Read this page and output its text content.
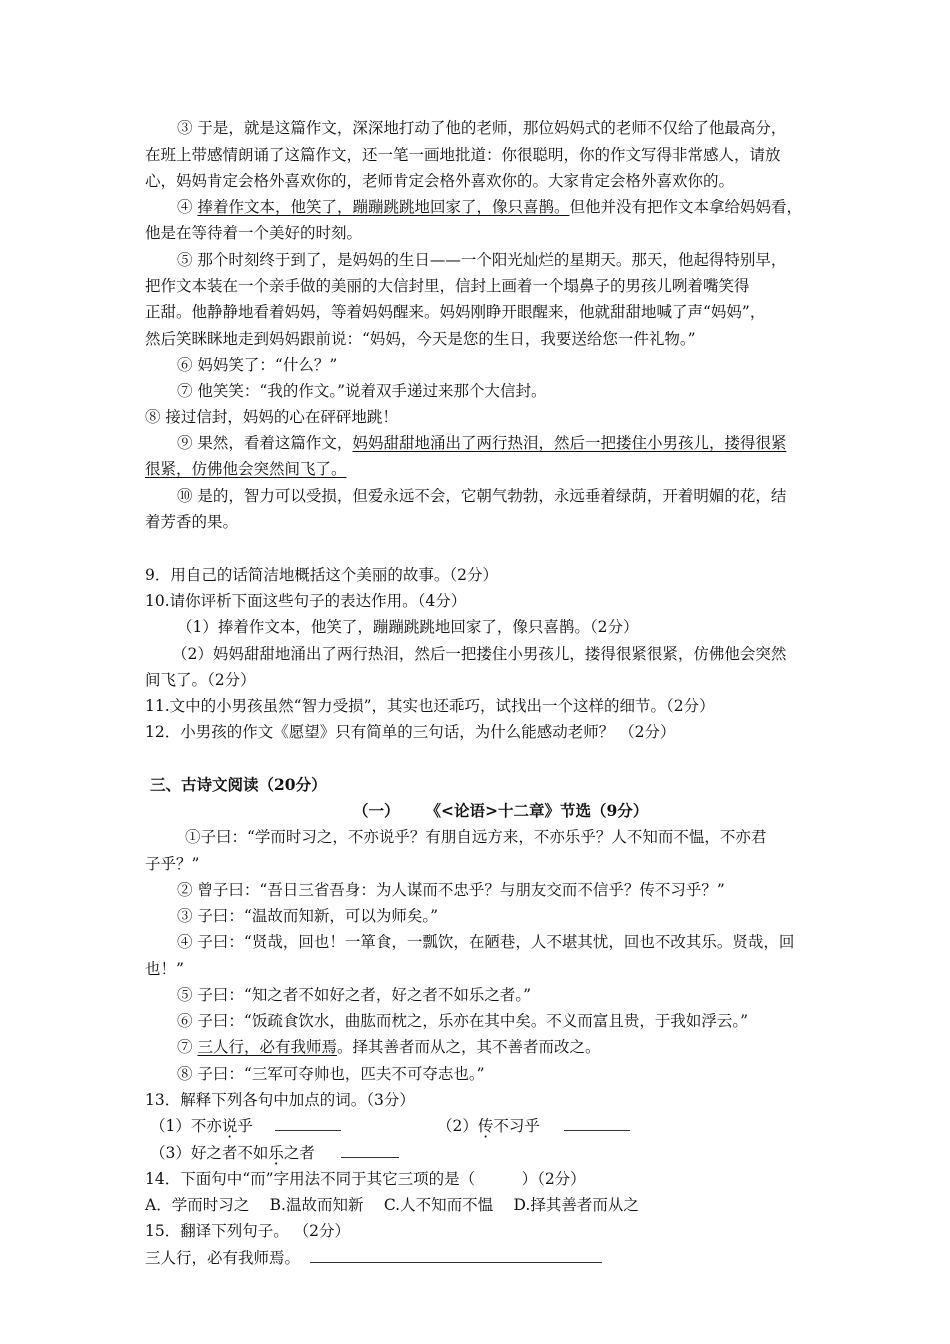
③ 于是，就是这篇作文，深深地打动了他的老师，那位妈妈式的老师不仅给了他最高分，
在班上带感情朗诵了这篇作文，还一笔一画地批道：你很聪明，你的作文写得非常感人，请放
心，妈妈肯定会格外喜欢你的，老师肯定会格外喜欢你的。大家肯定会格外喜欢你的。
④ 捧着作文本，他笑了，蹦蹦跳跳地回家了，像只喜鹊。但他并没有把作文本拿给妈妈看，
他是在等待着一个美好的时刻。
⑤ 那个时刻终于到了，是妈妈的生日——一个阳光灿烂的星期天。那天，他起得特别早，
把作文本装在一个亲手做的美丽的大信封里，信封上画着一个塌鼻子的男孩儿咧着嘴笑得
正甜。他静静地看着妈妈，等着妈妈醒来。妈妈刚睁开眼醒来，他就甜甜地喊了声“妈妈”，
然后笑眯眯地走到妈妈跟前说：“妈妈，今天是您的生日，我要送给您一件礼物。”
⑥ 妈妈笑了：“什么？”
⑦ 他笑笑：“我的作文。”说着双手递过来那个大信封。
⑧ 接过信封，妈妈的心在砰砰地跳！
⑨ 果然，看着这篇作文，妈妈甜甜地涌出了两行热泪，然后一把搂住小男孩儿，搂得很紧
很紧，仿佛他会突然间飞了。
⑩ 是的，智力可以受损，但爱永远不会，它朝气勃勃，永远垂着绿荫，开着明媚的花，结
着芳香的果。
9．用自己的话简洁地概括这个美丽的故事。（2分）
10.请你评析下面这些句子的表达作用。（4分）
（1）捧着作文本，他笑了，蹦蹦跳跳地回家了，像只喜鹊。（2分）
（2）妈妈甜甜地涌出了两行热泪，然后一把搂住小男孩儿，搂得很紧很紧，仿佛他会突然
间飞了。（2分）
11.文中的小男孩虽然“智力受损”，其实也还乖巧，试找出一个这样的细节。（2分）
12．小男孩的作文《愿望》只有简单的三句话，为什么能感动老师？ （2分）
三、古诗文阅读（20分）
（一） 《<论语>十二章》节选（9分）
①子曰：“学而时习之，不亦说乎？有朋自远方来，不亦乐乎？人不知而不愠，不亦君
子乎？”
② 曾子曰：“吾日三省吾身：为人谋而不忠乎？与朋友交而不信乎？传不习乎？”
③ 子曰：“温故而知新，可以为师矣。”
④ 子曰：“贤哉，回也！一箪食，一瓢饮，在陋巷，人不堪其忧，回也不改其乐。贤哉，回
也！”
⑤ 子曰：“知之者不如好之者，好之者不如乐之者。”
⑥ 子曰：“饭疏食饮水，曲肱而枕之，乐亦在其中矣。不义而富且贵，于我如浮云。”
⑦ 三人行，必有我师焉。择其善者而从之，其不善者而改之。
⑧ 子曰：“三军可夺帅也，匹夫不可夺志也。”
13．解释下列各句中加点的词。（3分）
（1）不亦说乎	（2）传不习乎
（3）好之者不如乐之者
14．下面句中“而”字用法不同于其它三项的是（　　　）（2分）
A．学而时习之　 B.温故而知新　 C.人不知而不愠　 D.择其善者而从之
15．翻译下列句子。 （2分）
三人行，必有我师焉。
